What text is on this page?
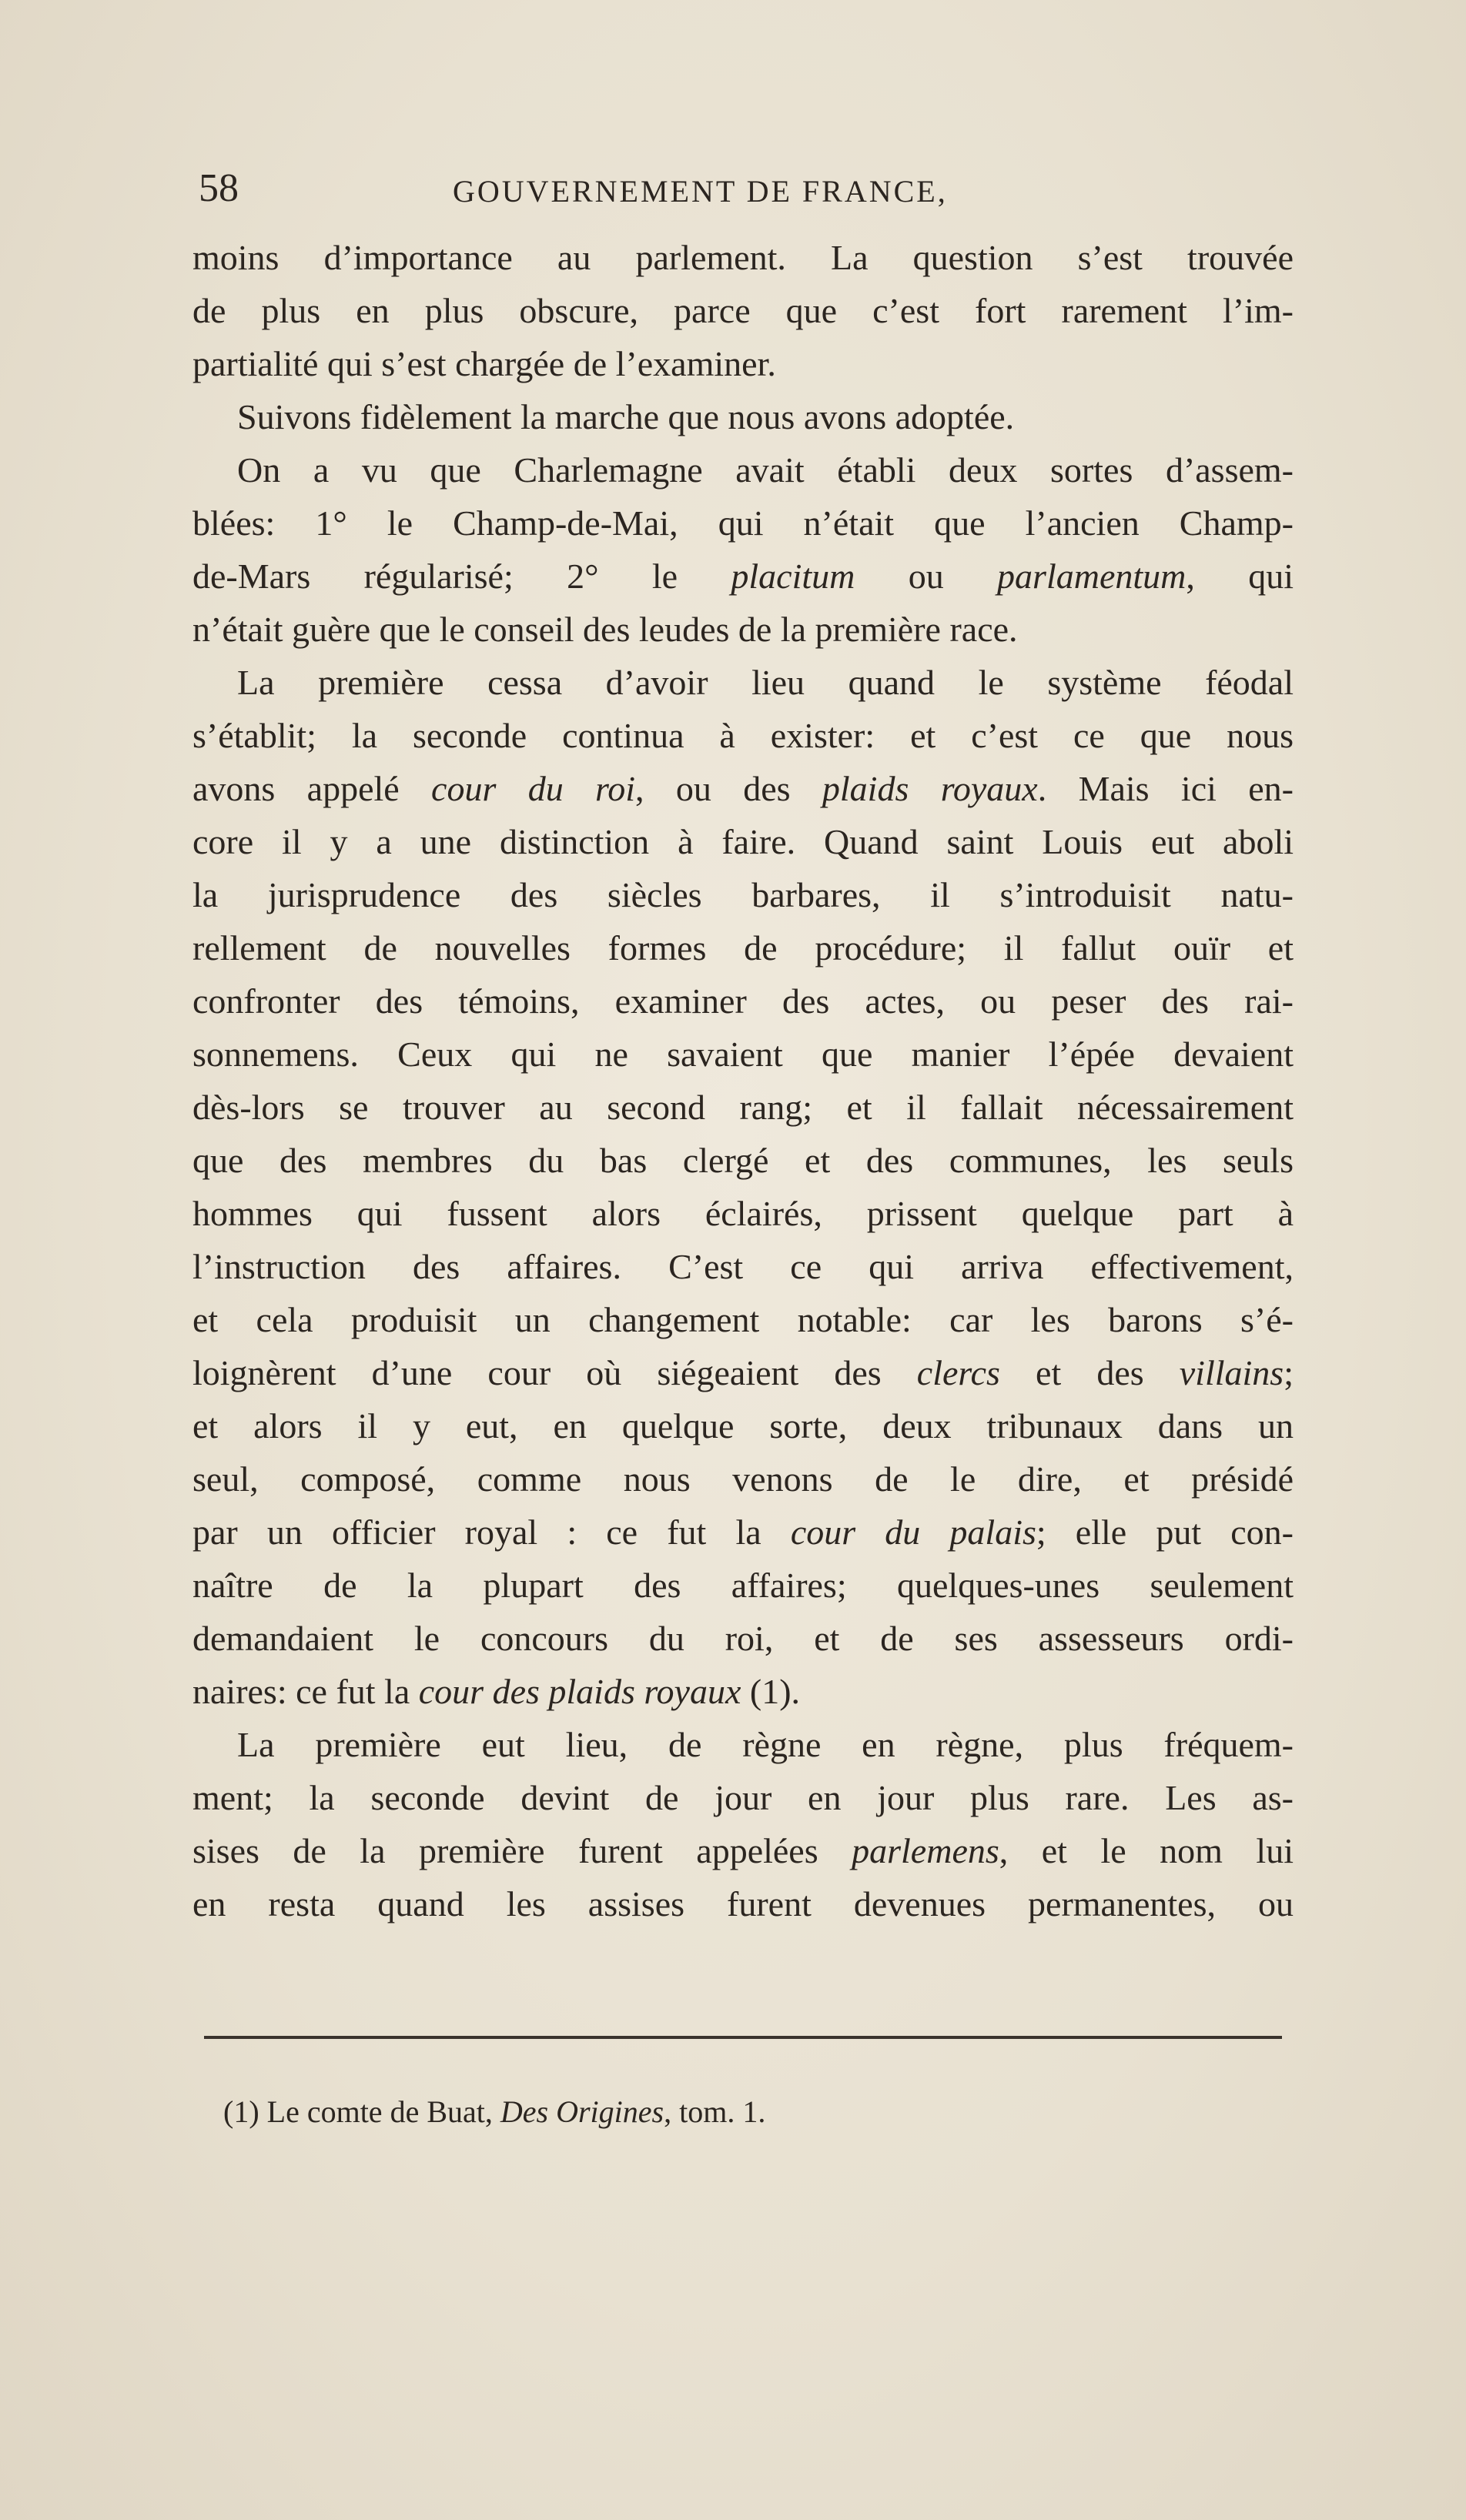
58	GOUVERNEMENT DE FRANCE,
moins d’importance au parlement. La question s’est trouvée
de plus en plus obscure, parce que c’est fort rarement l’im-
partialité qui s’est chargée de l’examiner.
Suivons fidèlement la marche que nous avons adoptée.
On a vu que Charlemagne avait établi deux sortes d’assem-
blées: 1° le Champ-de-Mai, qui n’était que l’ancien Champ-
de-Mars régularisé; 2° le placitum ou parlamentum, qui
n’était guère que le conseil des leudes de la première race.
La première cessa d’avoir lieu quand le système féodal
s’établit; la seconde continua à exister: et c’est ce que nous
avons appelé cour du roi, ou des plaids royaux. Mais ici en-
core il y a une distinction à faire. Quand saint Louis eut aboli
la jurisprudence des siècles barbares, il s’introduisit natu-
rellement de nouvelles formes de procédure; il fallut ouïr et
confronter des témoins, examiner des actes, ou peser des rai-
sonnemens. Ceux qui ne savaient que manier l’épée devaient
dès-lors se trouver au second rang; et il fallait nécessairement
que des membres du bas clergé et des communes, les seuls
hommes qui fussent alors éclairés, prissent quelque part à
l’instruction des affaires. C’est ce qui arriva effectivement,
et cela produisit un changement notable: car les barons s’é-
loignèrent d’une cour où siégeaient des clercs et des villains;
et alors il y eut, en quelque sorte, deux tribunaux dans un
seul, composé, comme nous venons de le dire, et présidé
par un officier royal : ce fut la cour du palais; elle put con-
naître de la plupart des affaires; quelques-unes seulement
demandaient le concours du roi, et de ses assesseurs ordi-
naires: ce fut la cour des plaids royaux (1).
La première eut lieu, de règne en règne, plus fréquem-
ment; la seconde devint de jour en jour plus rare. Les as-
sises de la première furent appelées parlemens, et le nom lui
en resta quand les assises furent devenues permanentes, ou
(1) Le comte de Buat, Des Origines, tom. 1.
